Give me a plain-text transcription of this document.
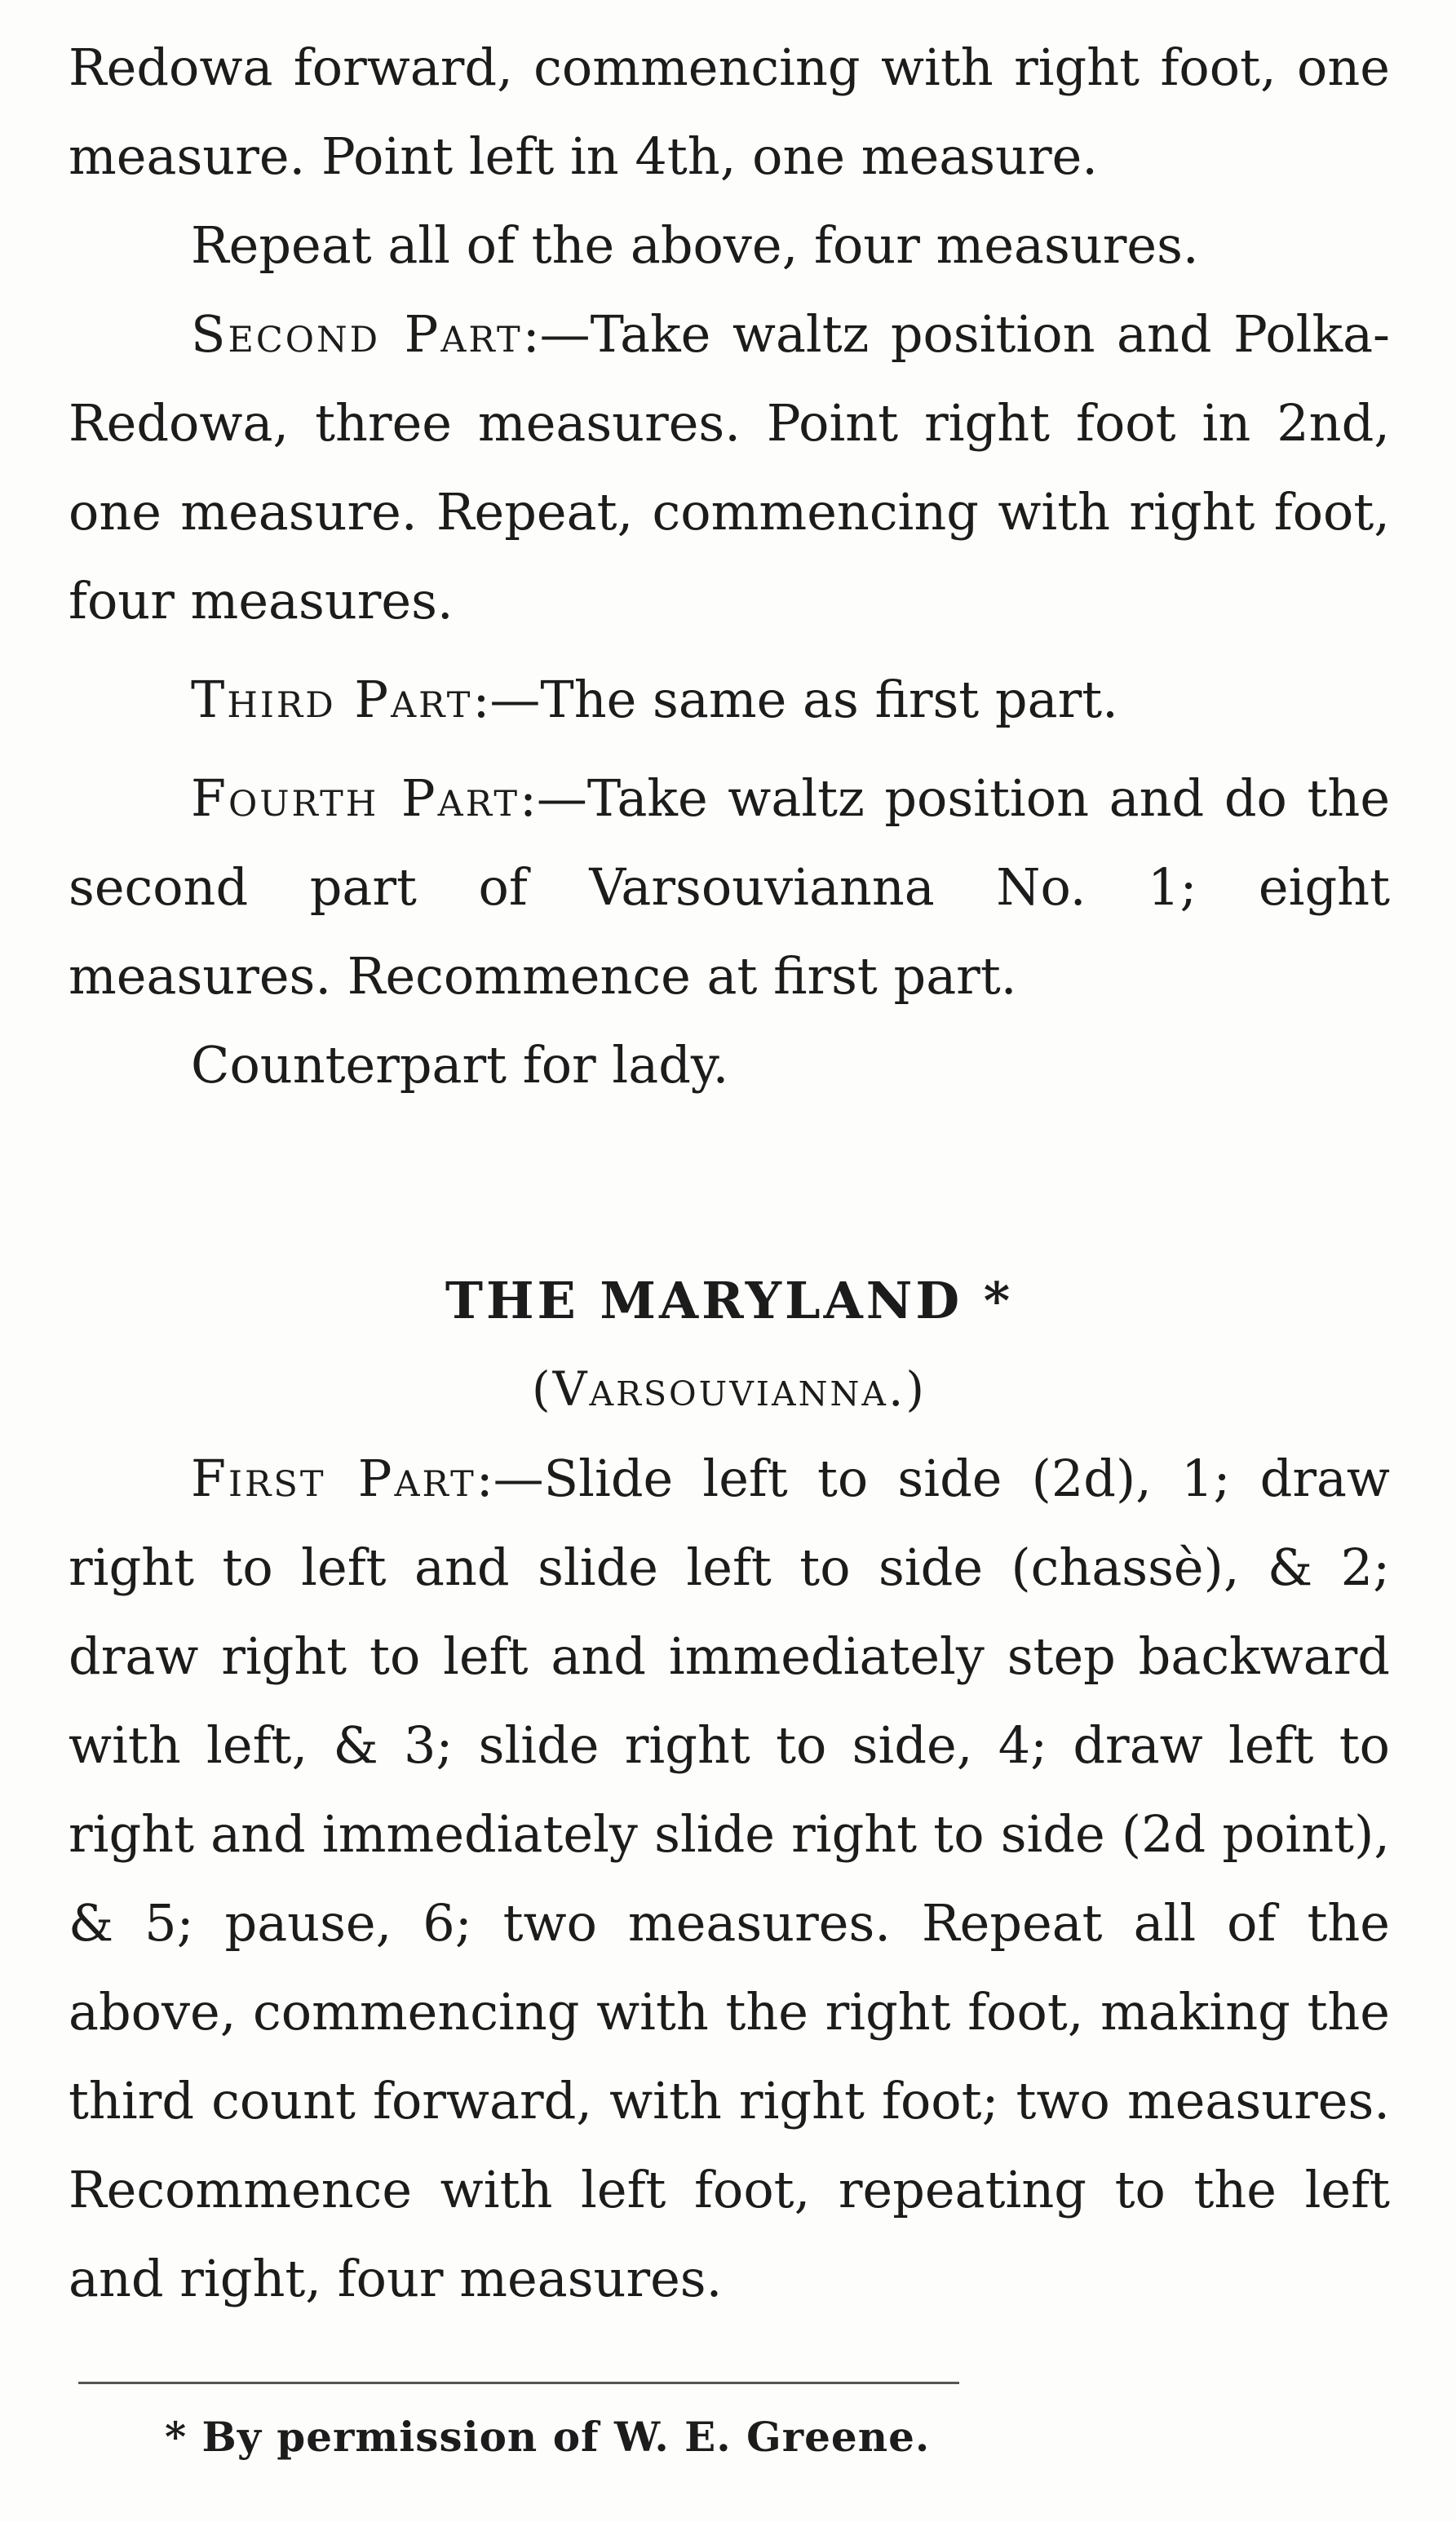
Redowa forward, commencing with right foot, one measure. Point left in 4th, one measure.

Repeat all of the above, four measures.

Second Part:—Take waltz position and Polka-Redowa, three measures. Point right foot in 2nd, one measure. Repeat, commencing with right foot, four measures.

Third Part:—The same as first part.

Fourth Part:—Take waltz position and do the second part of Varsouvianna No. 1; eight measures. Recommence at first part.

Counterpart for lady.

THE MARYLAND *
(Varsouvianna.)

First Part:—Slide left to side (2d), 1; draw right to left and slide left to side (chassè), & 2; draw right to left and immediately step backward with left, & 3; slide right to side, 4; draw left to right and immediately slide right to side (2d point), & 5; pause, 6; two measures. Repeat all of the above, commencing with the right foot, making the third count forward, with right foot; two measures. Recommence with left foot, repeating to the left and right, four measures.

* By permission of W. E. Greene.
